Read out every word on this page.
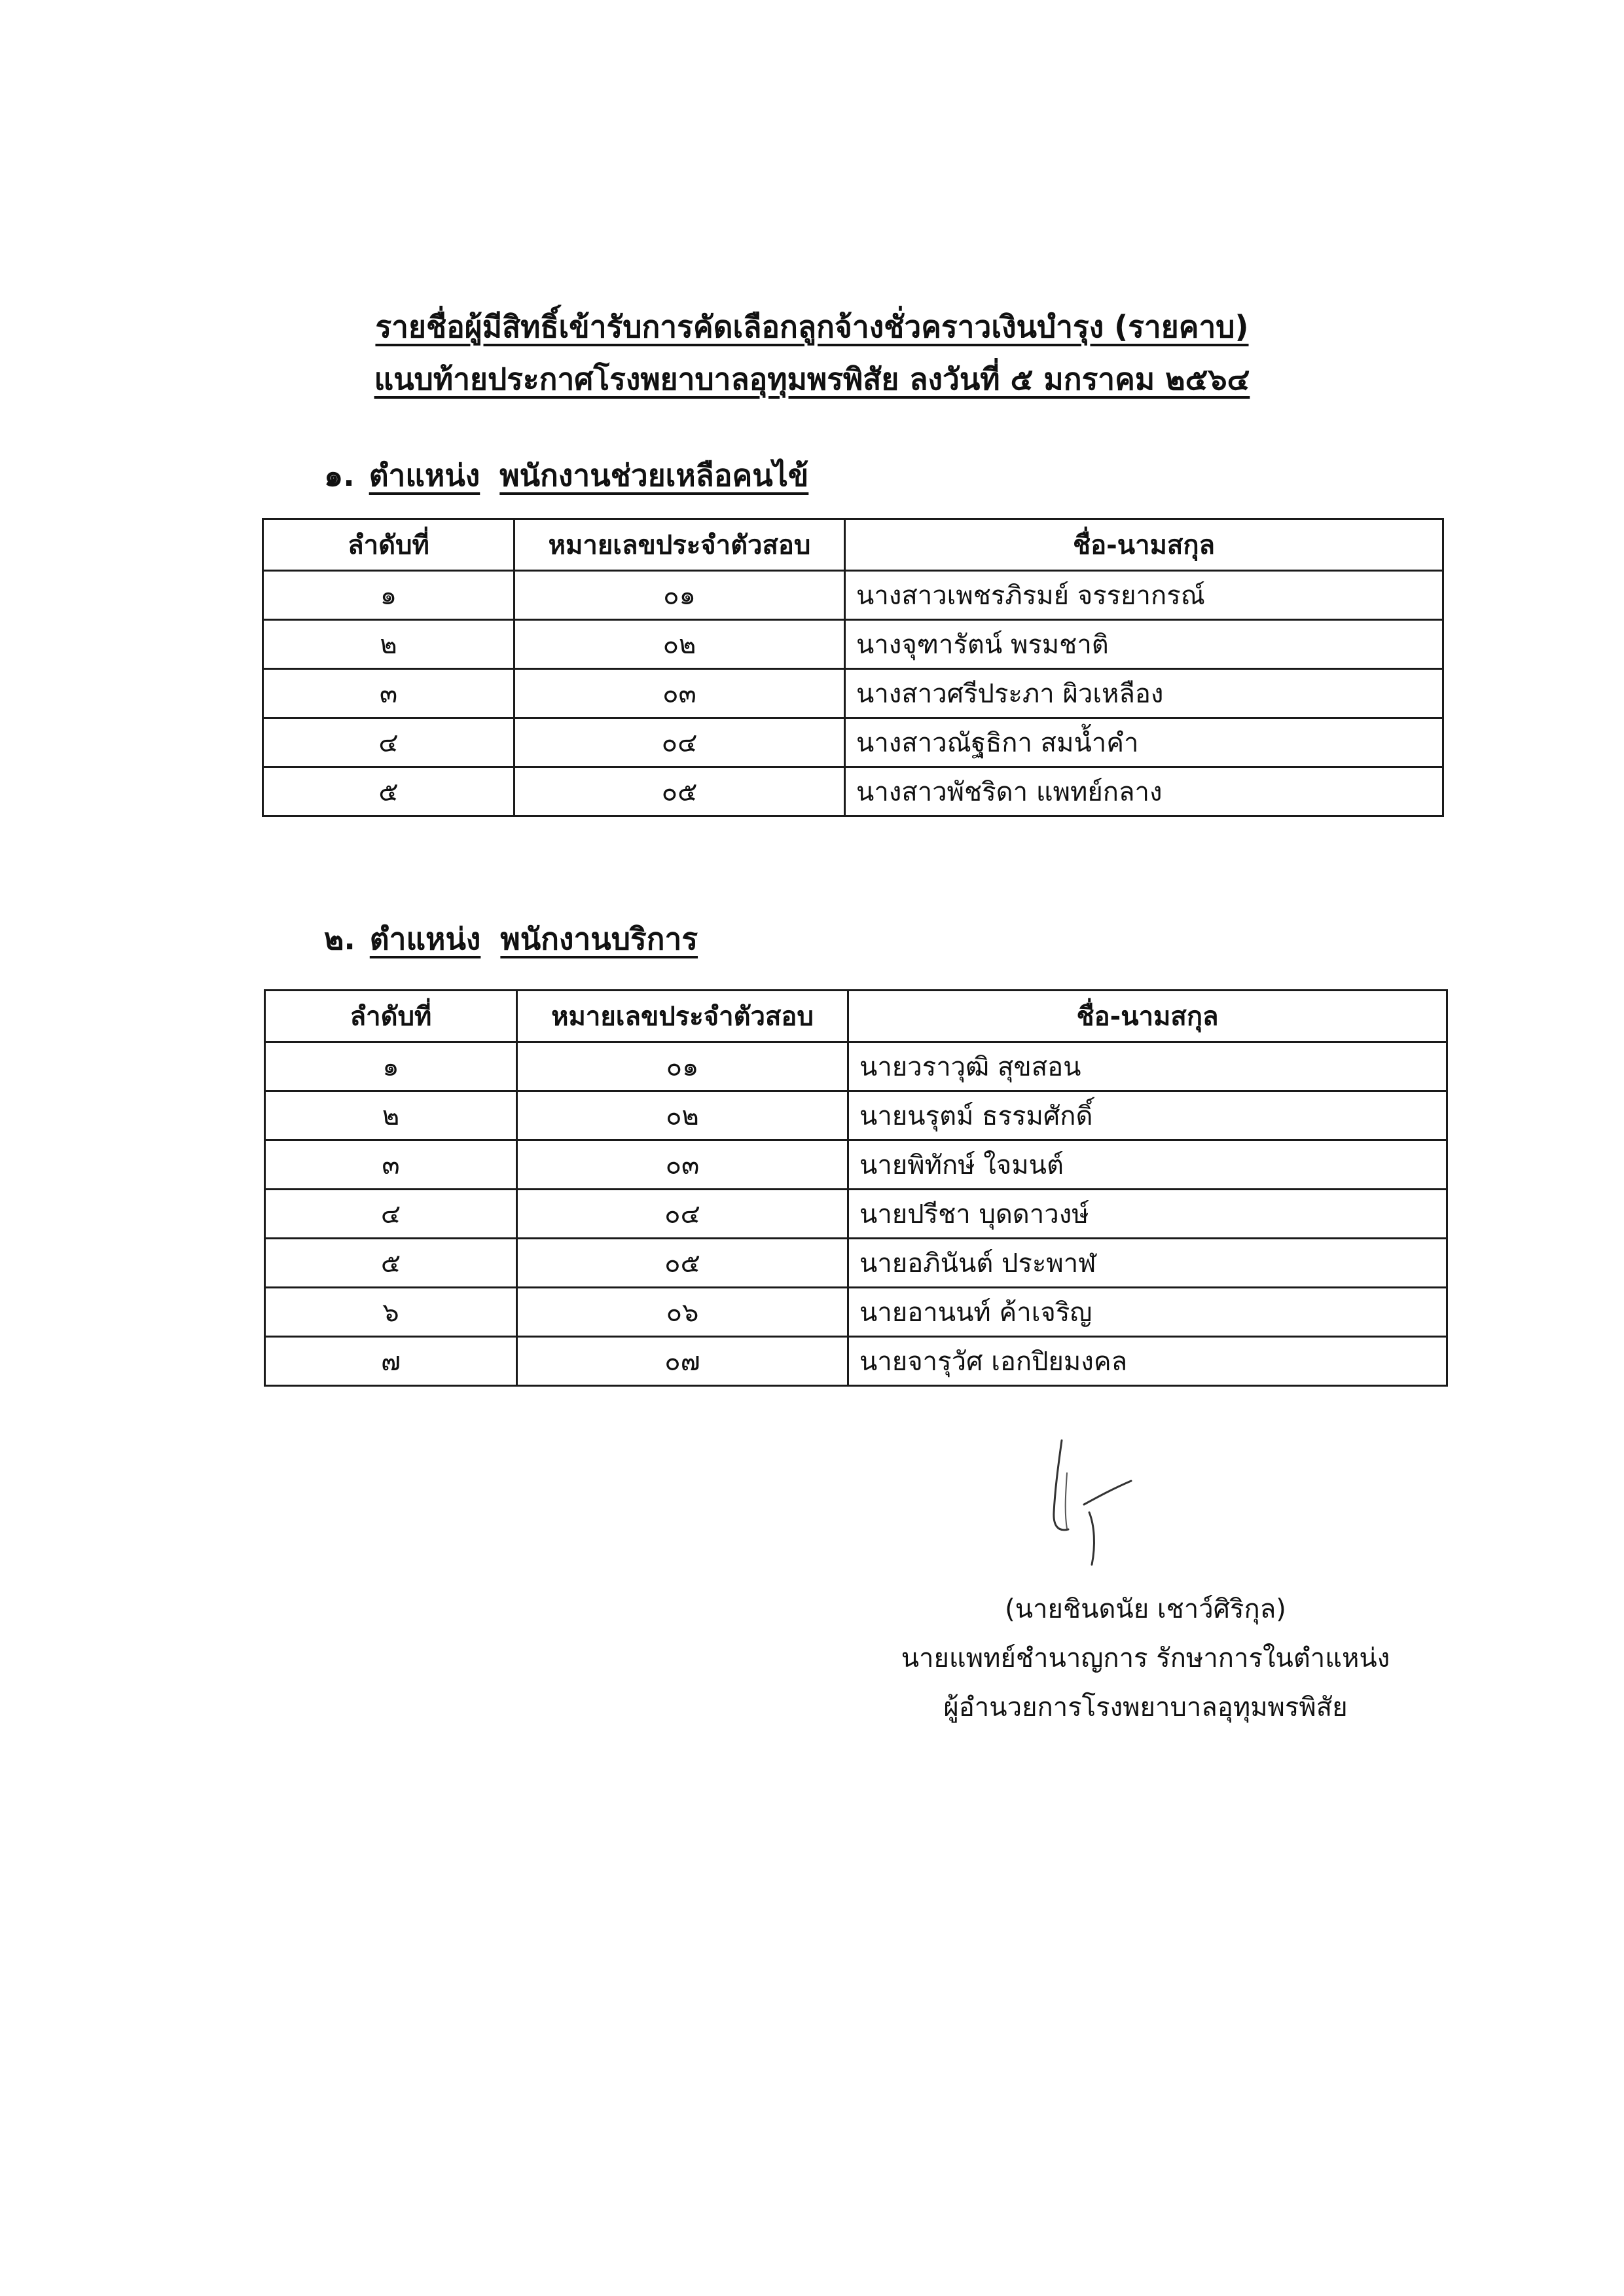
รายชื่อผู้มีสิทธิ์เข้ารับการคัดเลือกลูกจ้างชั่วคราวเงินบำรุง (รายคาบ)
แนบท้ายประกาศโรงพยาบาลอุทุมพรพิสัย ลงวันที่ ๕ มกราคม ๒๕๖๔
๑. ตำแหน่ง พนักงานช่วยเหลือคนไข้
ลำดับที่	หมายเลขประจำตัวสอบ	ชื่อ-นามสกุล
๑	๐๑	นางสาวเพชรภิรมย์ จรรยากรณ์
๒	๐๒	นางจุฑารัตน์ พรมชาติ
๓	๐๓	นางสาวศรีประภา ผิวเหลือง
๔	๐๔	นางสาวณัฐธิกา สมน้ำคำ
๕	๐๕	นางสาวพัชริดา แพทย์กลาง
๒. ตำแหน่ง พนักงานบริการ
ลำดับที่	หมายเลขประจำตัวสอบ	ชื่อ-นามสกุล
๑	๐๑	นายวราวุฒิ สุขสอน
๒	๐๒	นายนรุตม์ ธรรมศักดิ์
๓	๐๓	นายพิทักษ์ ใจมนต์
๔	๐๔	นายปรีชา บุดดาวงษ์
๕	๐๕	นายอภินันต์ ประพาฬ
๖	๐๖	นายอานนท์ ค้าเจริญ
๗	๐๗	นายจารุวัศ เอกปิยมงคล
(นายชินดนัย เชาว์ศิริกุล)
นายแพทย์ชำนาญการ รักษาการในตำแหน่ง
ผู้อำนวยการโรงพยาบาลอุทุมพรพิสัย
